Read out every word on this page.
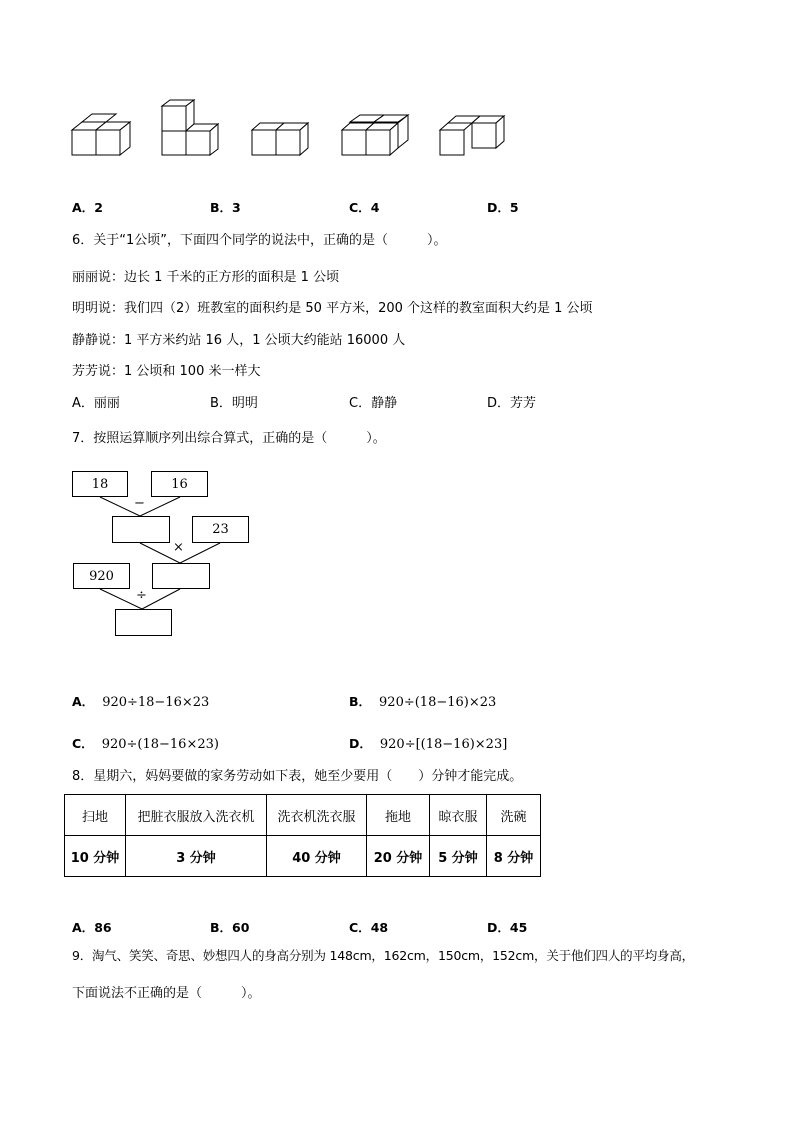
A．2	B．3	C．4	D．5
6．关于“1公顷”，下面四个同学的说法中，正确的是（　　　）。
丽丽说：边长 1 千米的正方形的面积是 1 公顷
明明说：我们四（2）班教室的面积约是 50 平方米，200 个这样的教室面积大约是 1 公顷
静静说：1 平方米约站 16 人，1 公顷大约能站 16000 人
芳芳说：1 公顷和 100 米一样大
A．丽丽	B．明明	C．静静	D．芳芳
7．按照运算顺序列出综合算式，正确的是（　　　）。
18	16
−
23
×
920
÷
A． 920÷18−16×23	B． 920÷(18−16)×23
C． 920÷(18−16×23)	D． 920÷[(18−16)×23]
8．星期六，妈妈要做的家务劳动如下表，她至少要用（　　）分钟才能完成。
扫地	把脏衣服放入洗衣机	洗衣机洗衣服	拖地	晾衣服	洗碗
10 分钟	3 分钟	40 分钟	20 分钟	5 分钟	8 分钟
A．86	B．60	C．48	D．45
9．淘气、笑笑、奇思、妙想四人的身高分别为 148cm，162cm，150cm，152cm，关于他们四人的平均身高，
下面说法不正确的是（　　　）。
